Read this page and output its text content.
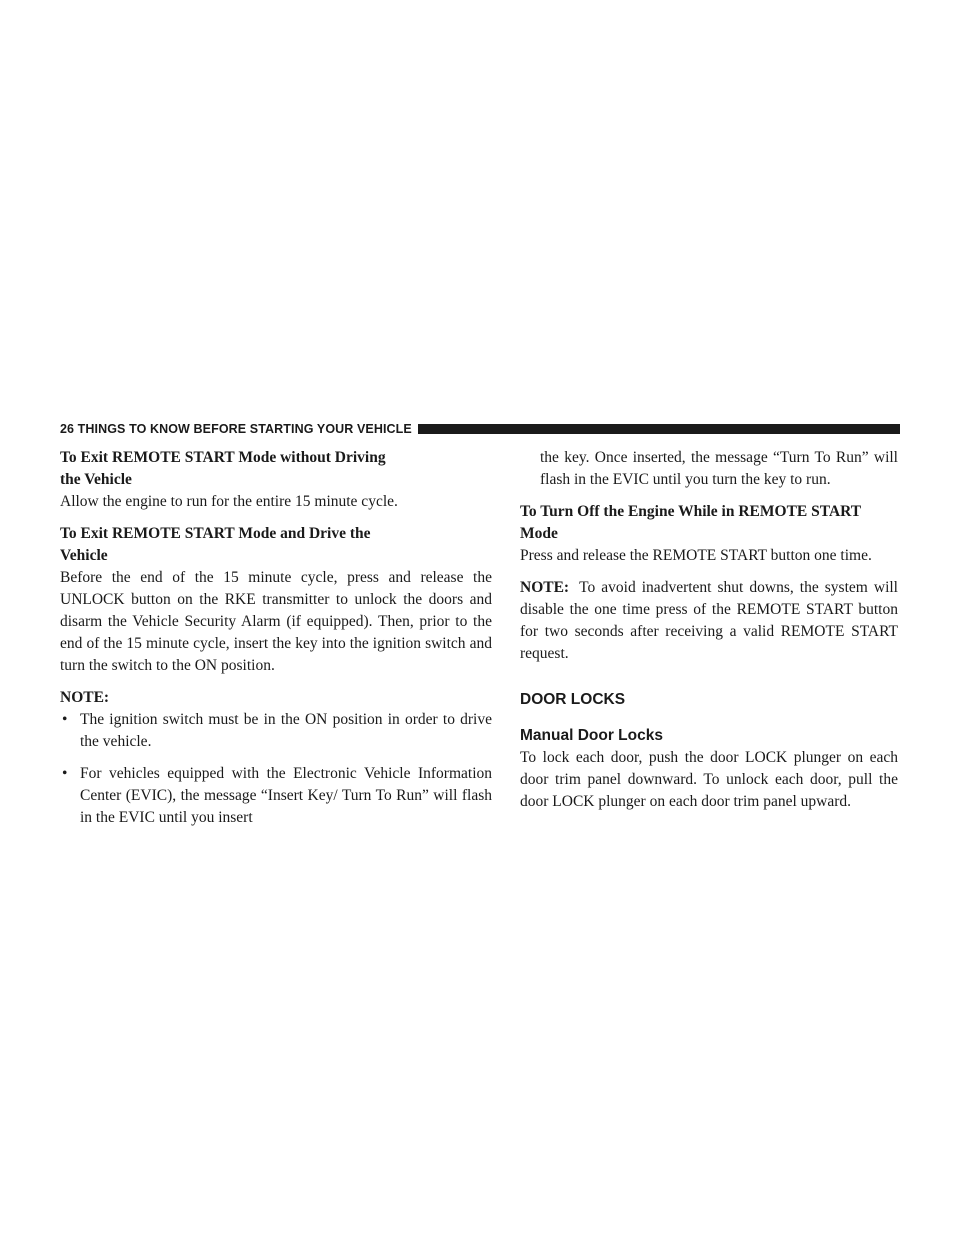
26 THINGS TO KNOW BEFORE STARTING YOUR VEHICLE
To Exit REMOTE START Mode without Driving
the Vehicle

Allow the engine to run for the entire 15 minute cycle.

To Exit REMOTE START Mode and Drive the
Vehicle

Before the end of the 15 minute cycle, press and release the UNLOCK button on the RKE transmitter to unlock the doors and disarm the Vehicle Security Alarm (if equipped). Then, prior to the end of the 15 minute cycle, insert the key into the ignition switch and turn the switch to the ON position.

NOTE:

• The ignition switch must be in the ON position in order to drive the vehicle.
• For vehicles equipped with the Electronic Vehicle Information Center (EVIC), the message “Insert Key/ Turn To Run” will flash in the EVIC until you insert

the key. Once inserted, the message “Turn To Run” will flash in the EVIC until you turn the key to run.

To Turn Off the Engine While in REMOTE START
Mode

Press and release the REMOTE START button one time.

NOTE: To avoid inadvertent shut downs, the system will disable the one time press of the REMOTE START button for two seconds after receiving a valid REMOTE START request.

DOOR LOCKS
Manual Door Locks

To lock each door, push the door LOCK plunger on each door trim panel downward. To unlock each door, pull the door LOCK plunger on each door trim panel upward.
